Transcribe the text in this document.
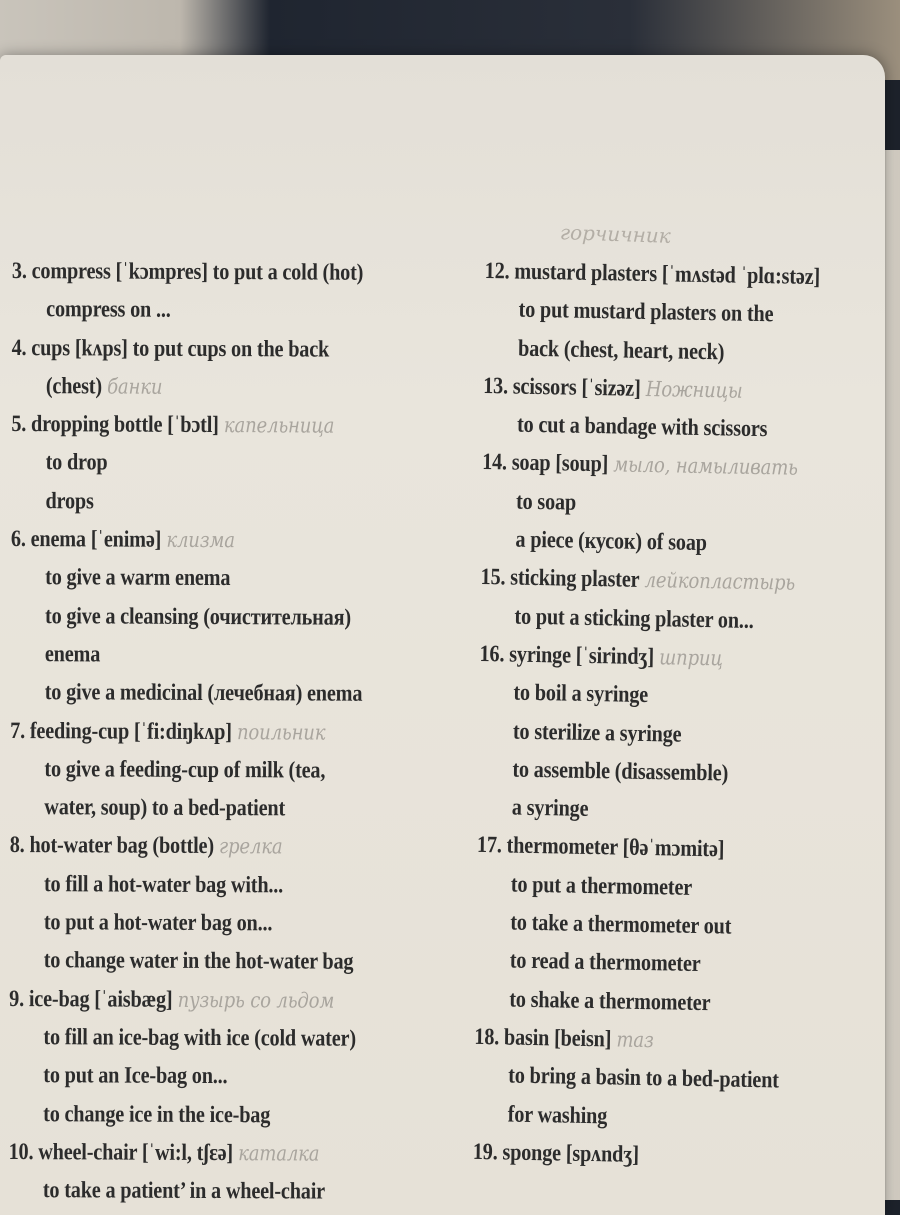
горчичник
3. compress [ˈkɔmpres] to put a cold (hot)
compress on ...
4. cups [kʌps] to put cups on the back
(chest) банки
5. dropping bottle [ˈbɔtl] капельница
to drop
drops
6. enema [ˈenimə] клизма
to give a warm enema
to give a cleansing (очистительная)
enema
to give a medicinal (лечебная) enema
7. feeding-cup [ˈfi:diŋkʌp] поильник
to give a feeding-cup of milk (tea,
water, soup) to a bed-patient
8. hot-water bag (bottle) грелка
to fill a hot-water bag with...
to put a hot-water bag on...
to change water in the hot-water bag
9. ice-bag [ˈaisbæg] пузырь со льдом
to fill an ice-bag with ice (cold water)
to put an Ice-bag on...
to change ice in the ice-bag
10. wheel-chair [ˈwi:l, tʃɛə] каталка
to take a patient’ in a wheel-chair
12. mustard plasters [ˈmʌstəd ˈplɑ:stəz]
to put mustard plasters on the
back (chest, heart, neck)
13. scissors [ˈsizəz] Ножницы
to cut a bandage with scissors
14. soap [soup] мыло, намыливать
to soap
a piece (кусок) of soap
15. sticking plaster лейкопластырь
to put a sticking plaster on...
16. syringe [ˈsirindʒ] шприц
to boil a syringe
to sterilize a syringe
to assemble (disassemble)
a syringe
17. thermometer [θəˈmɔmitə]
to put a thermometer
to take a thermometer out
to read a thermometer
to shake a thermometer
18. basin [beisn] таз
to bring a basin to a bed-patient
for washing
19. sponge [spʌndʒ]
